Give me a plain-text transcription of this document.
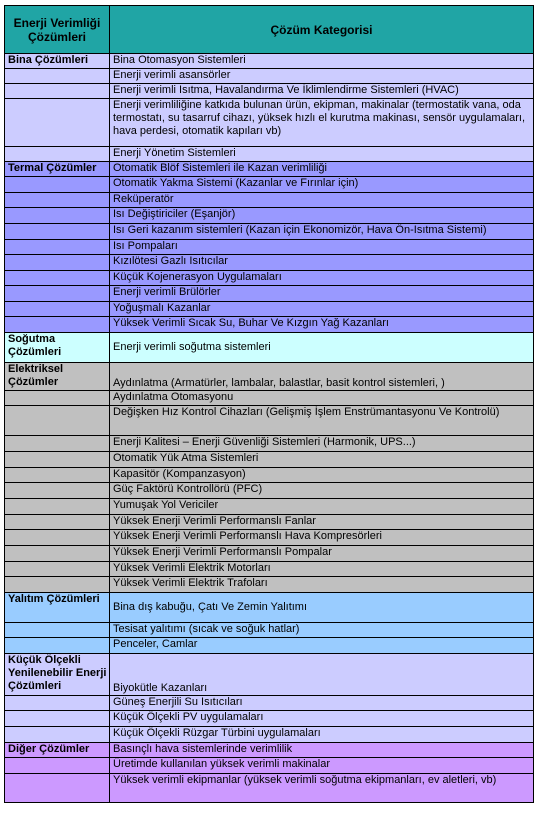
Enerji Verimliği Çözümleri	Çözüm Kategorisi
Bina Çözümleri	Bina Otomasyon Sistemleri
	Enerji verimli asansörler
	Enerji verimli Isıtma, Havalandırma Ve İklimlendirme Sistemleri (HVAC)
	Enerji verimliliğine katkıda bulunan ürün, ekipman, makinalar (termostatik vana, oda termostatı, su tasarruf cihazı, yüksek hızlı el kurutma makinası, sensör uygulamaları, hava perdesi, otomatik kapıları vb)
	Enerji Yönetim Sistemleri
Termal Çözümler	Otomatik Blöf Sistemleri ile Kazan verimliliği
	Otomatik Yakma Sistemi (Kazanlar ve Fırınlar için)
	Reküperatör
	Isı Değiştiriciler (Eşanjör)
	Isı Geri kazanım sistemleri (Kazan için Ekonomizör, Hava Ön-Isıtma Sistemi)
	Isı Pompaları
	Kızılötesi Gazlı Isıtıcılar
	Küçük Kojenerasyon Uygulamaları
	Enerji verimli Brülörler
	Yoğuşmalı Kazanlar
	Yüksek Verimli Sıcak Su, Buhar Ve Kızgın Yağ Kazanları
Soğutma Çözümleri	Enerji verimli soğutma sistemleri
Elektriksel Çözümler	Aydınlatma (Armatürler, lambalar, balastlar, basit kontrol sistemleri, )
	Aydınlatma Otomasyonu
	Değişken Hız Kontrol Cihazları (Gelişmiş İşlem Enstrümantasyonu Ve Kontrolü)
	Enerji Kalitesi – Enerji Güvenliği Sistemleri (Harmonik, UPS...)
	Otomatik Yük Atma Sistemleri
	Kapasitör (Kompanzasyon)
	Güç Faktörü Kontrollörü (PFC)
	Yumuşak Yol Vericiler
	Yüksek Enerji Verimli Performanslı Fanlar
	Yüksek Enerji Verimli Performanslı Hava Kompresörleri
	Yüksek Enerji Verimli Performanslı Pompalar
	Yüksek Verimli Elektrik Motorları
	Yüksek Verimli Elektrik Trafoları
Yalıtım Çözümleri	Bina dış kabuğu, Çatı Ve Zemin Yalıtımı
	Tesisat yalıtımı (sıcak ve soğuk hatlar)
	Penceler, Camlar
Küçük Ölçekli Yenilenebilir Enerji Çözümleri	Biyokütle Kazanları
	Güneş Enerjili Su Isıtıcıları
	Küçük Ölçekli PV uygulamaları
	Küçük Ölçekli Rüzgar Türbini uygulamaları
Diğer Çözümler	Basınçlı hava sistemlerinde verimlilik
	Üretimde kullanılan yüksek verimli makinalar
	Yüksek verimli ekipmanlar (yüksek verimli soğutma ekipmanları, ev aletleri, vb)
